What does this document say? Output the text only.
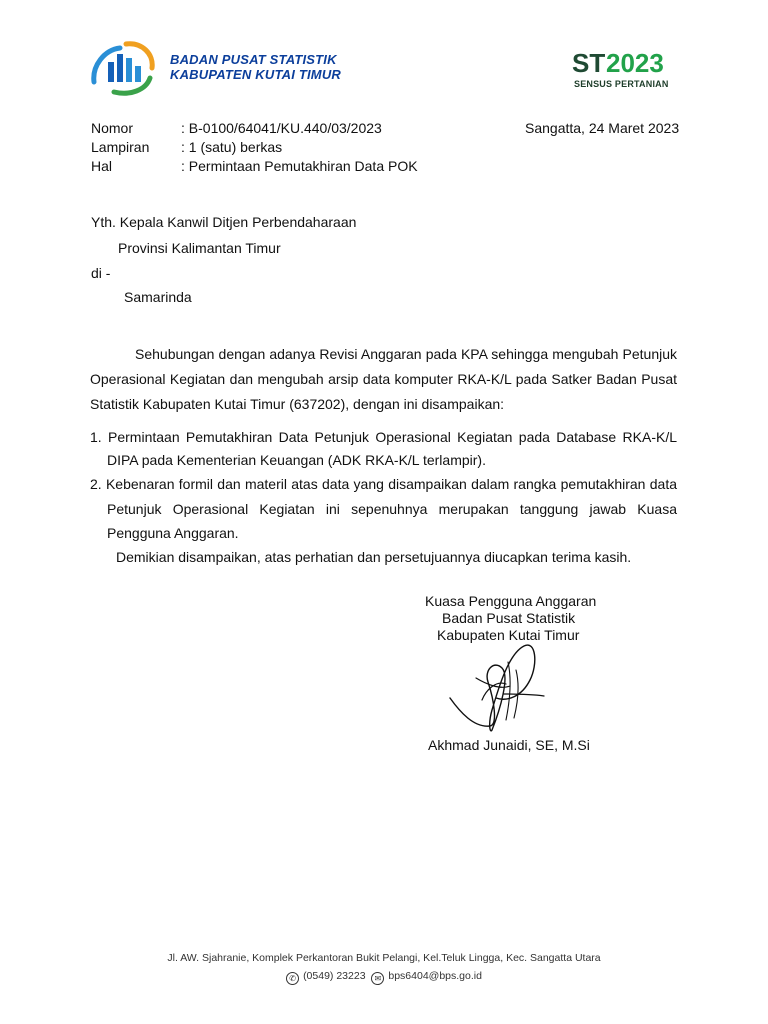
BADAN PUSAT STATISTIK
KABUPATEN KUTAI TIMUR	ST 2023
SENSUS PERTANIAN
Nomor	: B-0100/64041/KU.440/03/2023
Lampiran : 1 (satu) berkas
Hal	: Permintaan Pemutakhiran Data POK
Sangatta, 24 Maret 2023
Yth. Kepala Kanwil Ditjen Perbendaharaan
Provinsi Kalimantan Timur
di -
Samarinda
Sehubungan dengan adanya Revisi Anggaran pada KPA sehingga mengubah Petunjuk
Operasional Kegiatan dan mengubah arsip data komputer RKA-K/L pada Satker Badan Pusat
Statistik Kabupaten Kutai Timur (637202), dengan ini disampaikan:
1. Permintaan Pemutakhiran Data Petunjuk Operasional Kegiatan pada Database RKA-K/L
DIPA pada Kementerian Keuangan (ADK RKA-K/L terlampir).
2. Kebenaran formil dan materil atas data yang disampaikan dalam rangka pemutakhiran data
Petunjuk Operasional Kegiatan ini sepenuhnya merupakan tanggung jawab Kuasa
Pengguna Anggaran.
Demikian disampaikan, atas perhatian dan persetujuannya diucapkan terima kasih.
Kuasa Pengguna Anggaran
Badan Pusat Statistik
Kabupaten Kutai Timur
Akhmad Junaidi, SE, M.Si
Jl. AW. Sjahranie, Komplek Perkantoran Bukit Pelangi, Kel.Teluk Lingga, Kec. Sangatta Utara
✆ (0549) 23223 ✉ bps6404@bps.go.id
